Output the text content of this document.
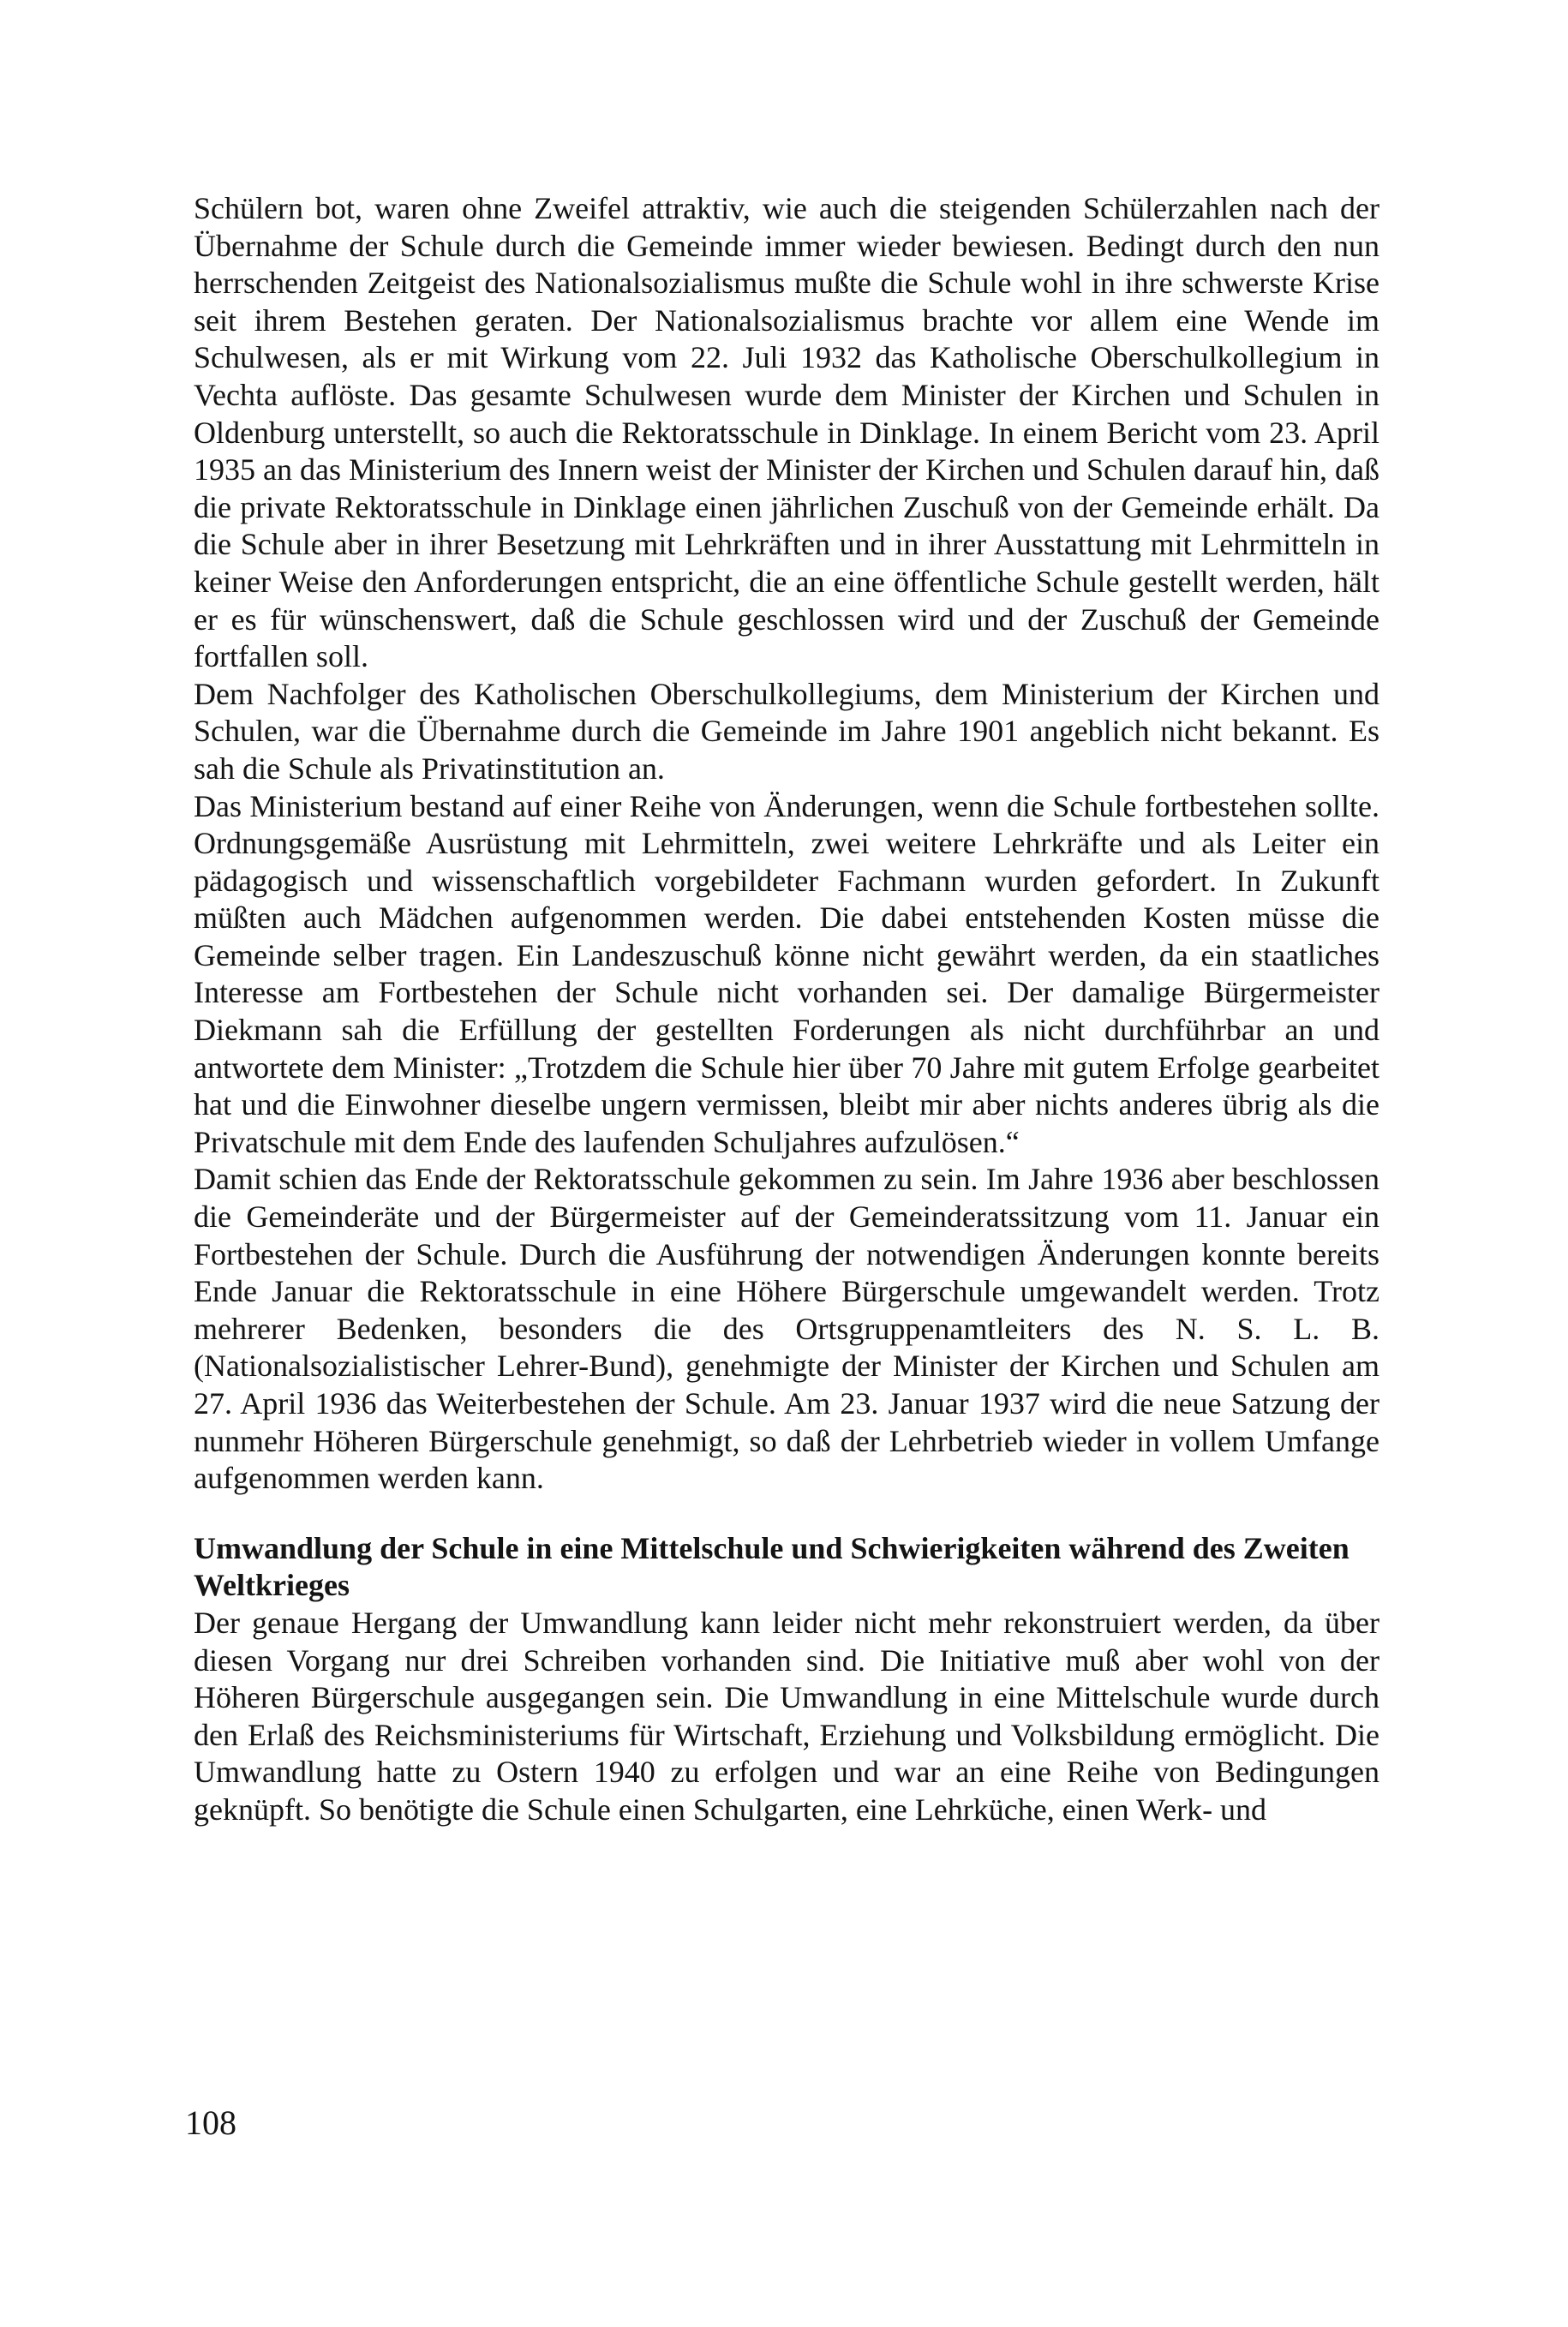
Schülern bot, waren ohne Zweifel attraktiv, wie auch die steigenden Schülerzahlen nach der Übernahme der Schule durch die Gemeinde immer wieder bewiesen. Bedingt durch den nun herrschenden Zeitgeist des Nationalsozialismus mußte die Schule wohl in ihre schwerste Krise seit ihrem Bestehen geraten. Der Nationalsozialismus brachte vor allem eine Wende im Schulwesen, als er mit Wirkung vom 22. Juli 1932 das Katholische Oberschulkollegium in Vechta auflöste. Das gesamte Schulwesen wurde dem Minister der Kirchen und Schulen in Oldenburg unterstellt, so auch die Rektoratsschule in Dinklage. In einem Bericht vom 23. April 1935 an das Ministerium des Innern weist der Minister der Kirchen und Schulen darauf hin, daß die private Rektoratsschule in Dinklage einen jährlichen Zuschuß von der Gemeinde erhält. Da die Schule aber in ihrer Besetzung mit Lehrkräften und in ihrer Ausstattung mit Lehrmitteln in keiner Weise den Anforderungen entspricht, die an eine öffentliche Schule gestellt werden, hält er es für wünschenswert, daß die Schule geschlossen wird und der Zuschuß der Gemeinde fortfallen soll.

Dem Nachfolger des Katholischen Oberschulkollegiums, dem Ministerium der Kirchen und Schulen, war die Übernahme durch die Gemeinde im Jahre 1901 angeblich nicht bekannt. Es sah die Schule als Privatinstitution an.

Das Ministerium bestand auf einer Reihe von Änderungen, wenn die Schule fortbestehen sollte. Ordnungsgemäße Ausrüstung mit Lehrmitteln, zwei weitere Lehrkräfte und als Leiter ein pädagogisch und wissenschaftlich vorgebildeter Fachmann wurden gefordert. In Zukunft müßten auch Mädchen aufgenommen werden. Die dabei entstehenden Kosten müsse die Gemeinde selber tragen. Ein Landeszuschuß könne nicht gewährt werden, da ein staatliches Interesse am Fortbestehen der Schule nicht vorhanden sei. Der damalige Bürgermeister Diekmann sah die Erfüllung der gestellten Forderungen als nicht durchführbar an und antwortete dem Minister: „Trotzdem die Schule hier über 70 Jahre mit gutem Erfolge gearbeitet hat und die Einwohner dieselbe ungern vermissen, bleibt mir aber nichts anderes übrig als die Privatschule mit dem Ende des laufenden Schuljahres aufzulösen.“

Damit schien das Ende der Rektoratsschule gekommen zu sein. Im Jahre 1936 aber beschlossen die Gemeinderäte und der Bürgermeister auf der Gemeinderatssitzung vom 11. Januar ein Fortbestehen der Schule. Durch die Ausführung der notwendigen Änderungen konnte bereits Ende Januar die Rektoratsschule in eine Höhere Bürgerschule umgewandelt werden. Trotz mehrerer Bedenken, besonders die des Ortsgruppenamtleiters des N. S. L. B. (Nationalsozialistischer Lehrer-Bund), genehmigte der Minister der Kirchen und Schulen am 27. April 1936 das Weiterbestehen der Schule. Am 23. Januar 1937 wird die neue Satzung der nunmehr Höheren Bürgerschule genehmigt, so daß der Lehrbetrieb wieder in vollem Umfange aufgenommen werden kann.

Umwandlung der Schule in eine Mittelschule und Schwierigkeiten während des Zweiten Weltkrieges

Der genaue Hergang der Umwandlung kann leider nicht mehr rekonstruiert werden, da über diesen Vorgang nur drei Schreiben vorhanden sind. Die Initiative muß aber wohl von der Höheren Bürgerschule ausgegangen sein. Die Umwandlung in eine Mittelschule wurde durch den Erlaß des Reichsministeriums für Wirtschaft, Erziehung und Volksbildung ermöglicht. Die Umwandlung hatte zu Ostern 1940 zu erfolgen und war an eine Reihe von Bedingungen geknüpft. So benötigte die Schule einen Schulgarten, eine Lehrküche, einen Werk- und

108
